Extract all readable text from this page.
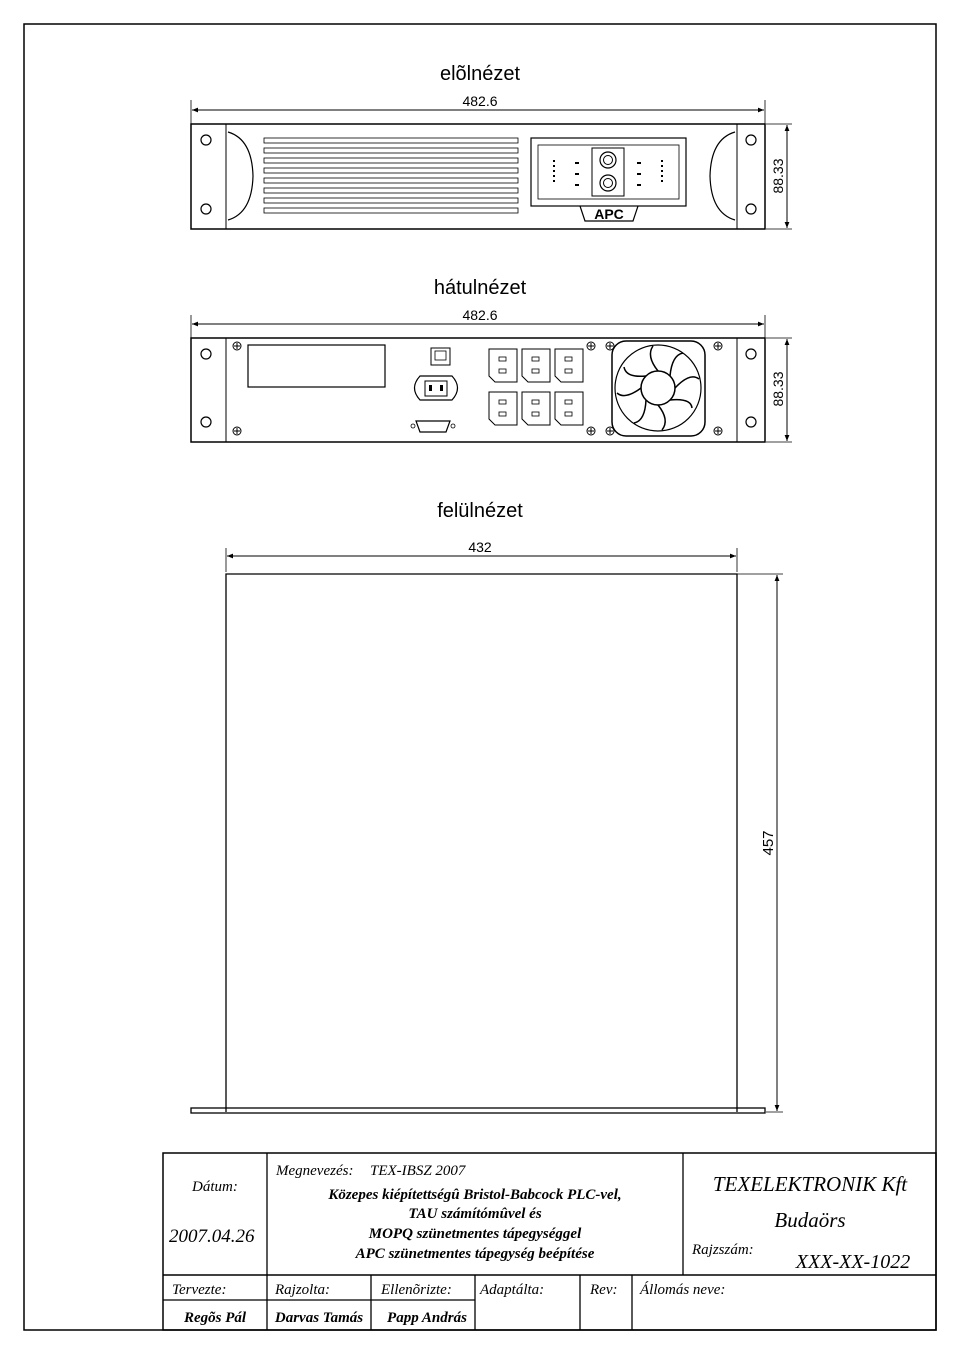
elõlnézet
482.6
APC
88.33
hátulnézet
482.6
88.33
felülnézet
432
457
Dátum:
2007.04.26
Megnevezés: TEX-IBSZ 2007
Közepes kiépítettségû Bristol-Babcock PLC-vel,
TAU számítómûvel és
MOPQ szünetmentes tápegységgel
APC szünetmentes tápegység beépítése
TEXELEKTRONIK Kft
Budaörs
Rajzszám:
XXX-XX-1022
Tervezte:
Regõs Pál
Rajzolta:
Darvas Tamás
Ellenõrizte:
Papp András
Adaptálta:	Rev: Állomás neve:
